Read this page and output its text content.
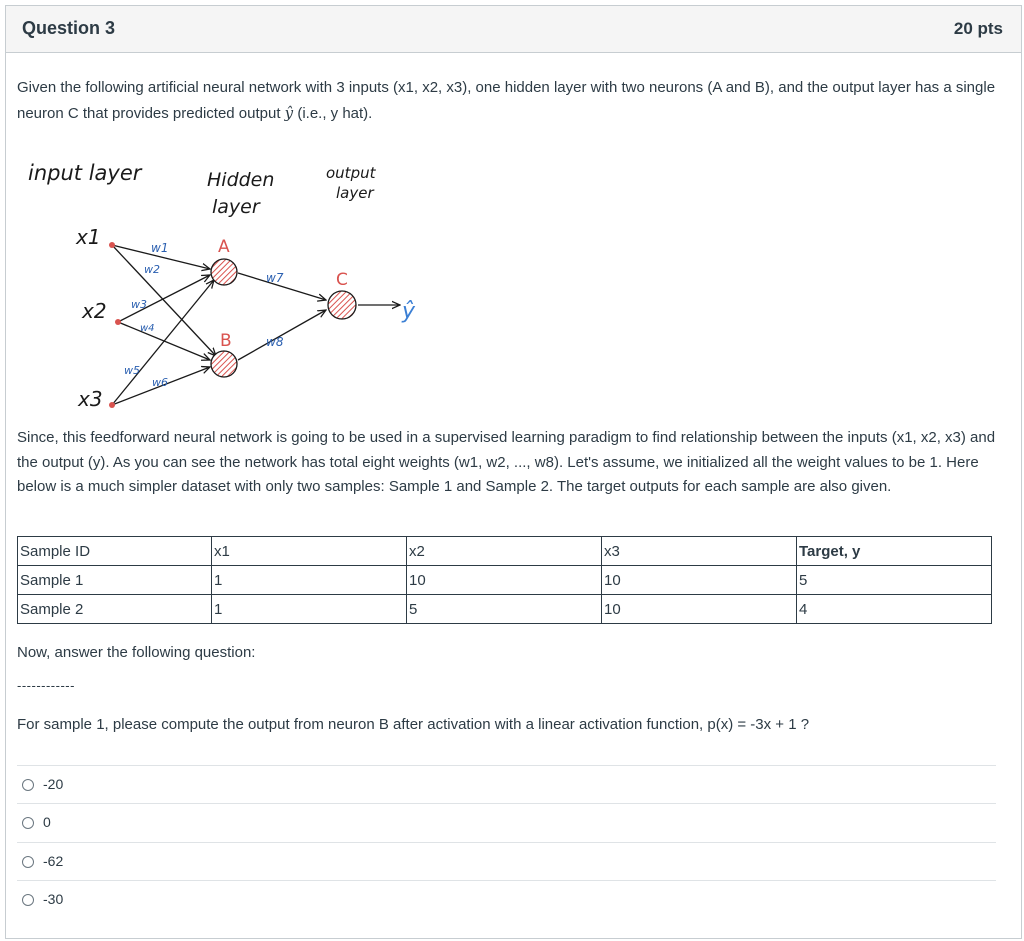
Question 3	20 pts
Given the following artificial neural network with 3 inputs (x1, x2, x3), one hidden layer with two neurons (A and B), and the output layer has a single neuron C that provides predicted output ŷ (i.e., y hat).
input layer	Hidden
layer
output
layer
x1
x2
x3
A
B
C
w1
w2
w3
w4
w5
w6
w7
w8
ŷ
Since, this feedforward neural network is going to be used in a supervised learning paradigm to find relationship between the inputs (x1, x2, x3) and the output (y). As you can see the network has total eight weights (w1, w2, ..., w8). Let's assume, we initialized all the weight values to be 1. Here below is a much simpler dataset with only two samples: Sample 1 and Sample 2. The target outputs for each sample are also given.
Sample ID	x1	x2	x3	Target, y
Sample 1	1	10	10	5
Sample 2	1	5	10	4
Now, answer the following question:
------------
For sample 1, please compute the output from neuron B after activation with a linear activation function, p(x) = -3x + 1 ?
-20
0
-62
-30
